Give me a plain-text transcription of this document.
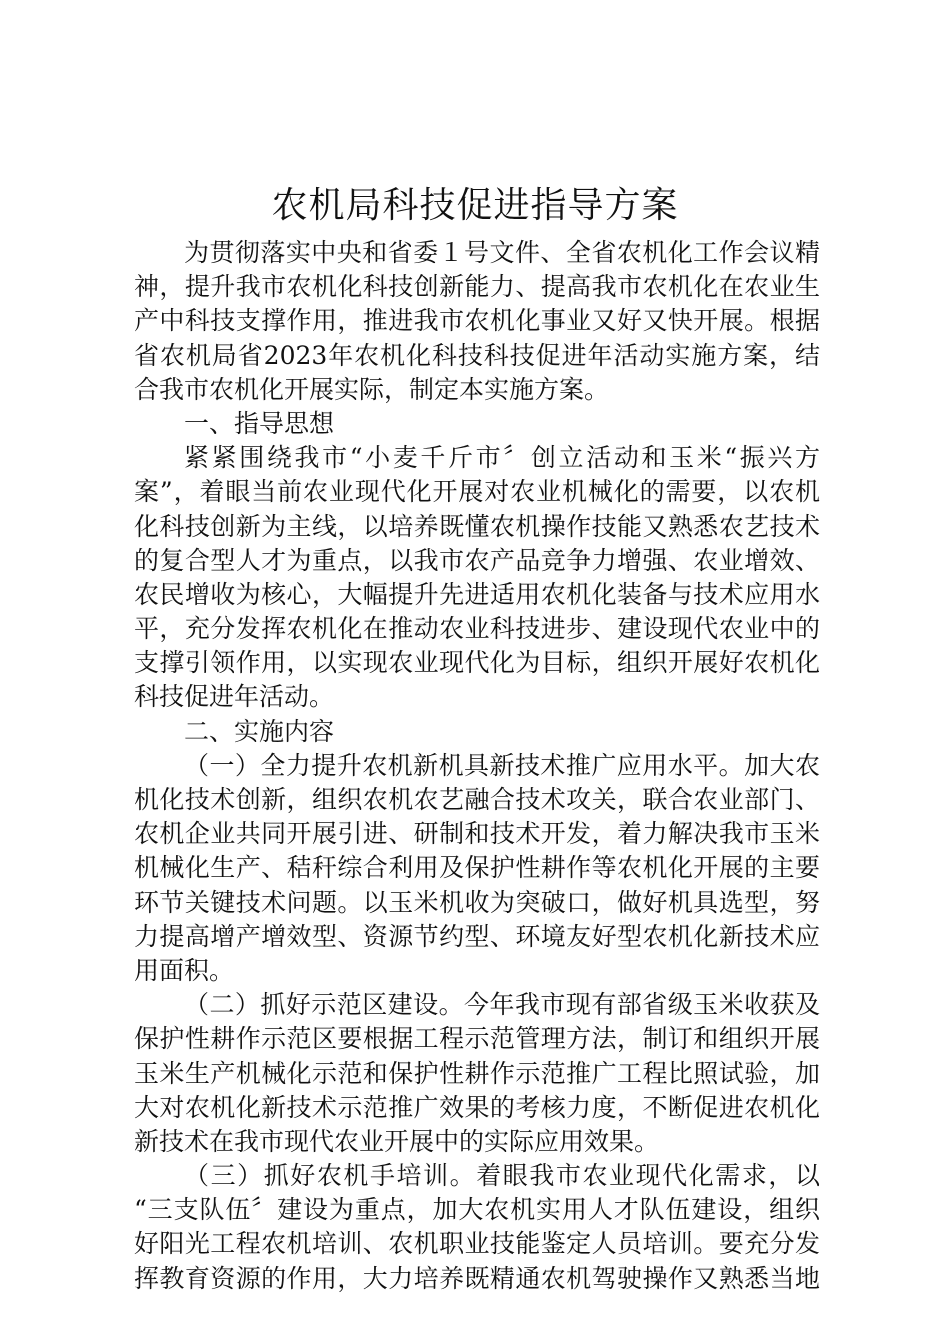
农机局科技促进指导方案
为贯彻落实中央和省委１号文件、全省农机化工作会议精
神，提升我市农机化科技创新能力、提高我市农机化在农业生
产中科技支撑作用，推进我市农机化事业又好又快开展。根据
省农机局省2023年农机化科技科技促进年活动实施方案，结
合我市农机化开展实际，制定本实施方案。
一、指导思想
紧紧围绕我市“小麦千斤市〞创立活动和玉米“振兴方
案”，着眼当前农业现代化开展对农业机械化的需要，以农机
化科技创新为主线，以培养既懂农机操作技能又熟悉农艺技术
的复合型人才为重点，以我市农产品竞争力增强、农业增效、
农民增收为核心，大幅提升先进适用农机化装备与技术应用水
平，充分发挥农机化在推动农业科技进步、建设现代农业中的
支撑引领作用，以实现农业现代化为目标，组织开展好农机化
科技促进年活动。
二、实施内容
（一）全力提升农机新机具新技术推广应用水平。加大农
机化技术创新，组织农机农艺融合技术攻关，联合农业部门、
农机企业共同开展引进、研制和技术开发，着力解决我市玉米
机械化生产、秸秆综合利用及保护性耕作等农机化开展的主要
环节关键技术问题。以玉米机收为突破口，做好机具选型，努
力提高增产增效型、资源节约型、环境友好型农机化新技术应
用面积。
（二）抓好示范区建设。今年我市现有部省级玉米收获及
保护性耕作示范区要根据工程示范管理方法，制订和组织开展
玉米生产机械化示范和保护性耕作示范推广工程比照试验，加
大对农机化新技术示范推广效果的考核力度，不断促进农机化
新技术在我市现代农业开展中的实际应用效果。
（三）抓好农机手培训。着眼我市农业现代化需求，以
“三支队伍〞建设为重点，加大农机实用人才队伍建设，组织
好阳光工程农机培训、农机职业技能鉴定人员培训。要充分发
挥教育资源的作用，大力培养既精通农机驾驶操作又熟悉当地
